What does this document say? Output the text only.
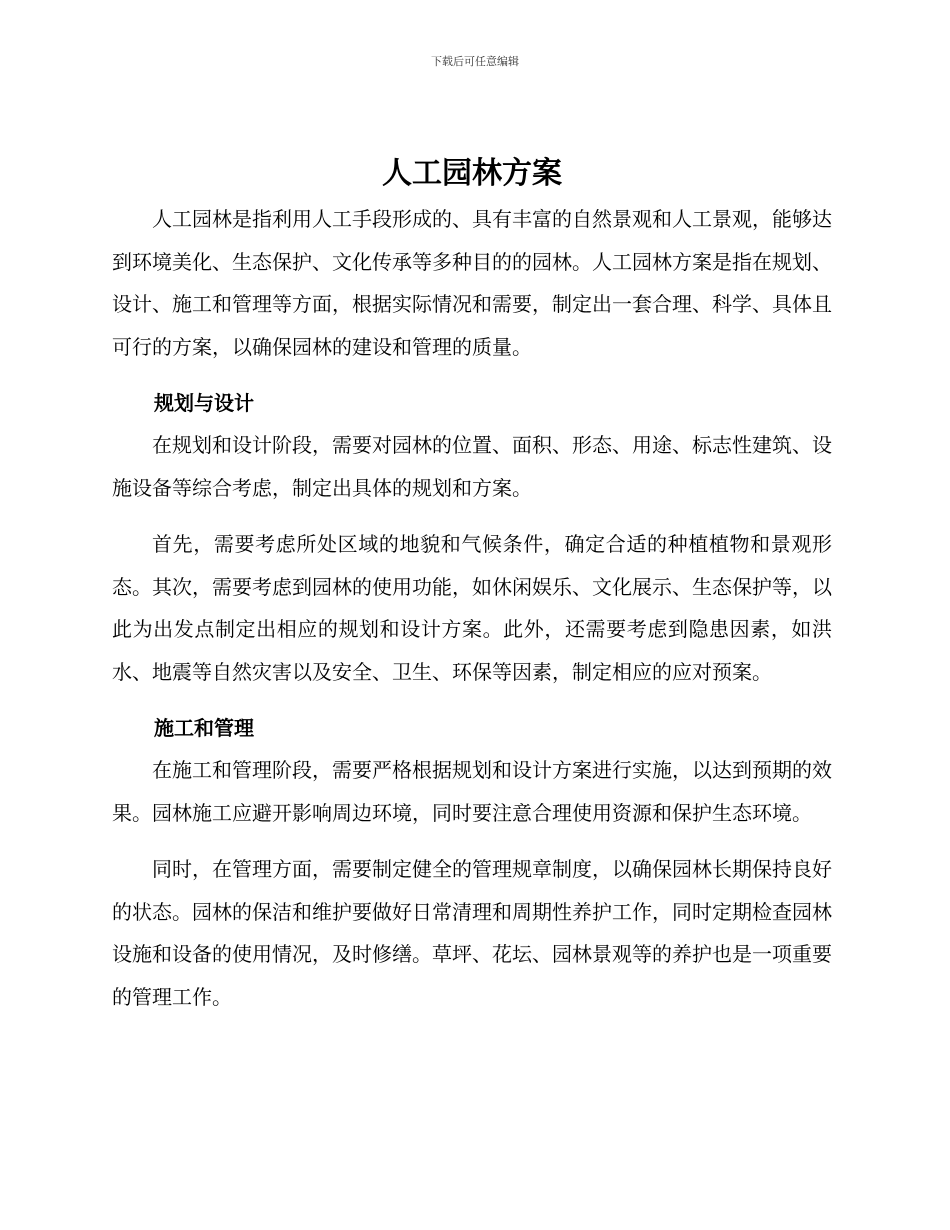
下载后可任意编辑
人工园林方案

人工园林是指利用人工手段形成的、具有丰富的自然景观和人工景观，能够达到环境美化、生态保护、文化传承等多种目的的园林。人工园林方案是指在规划、设计、施工和管理等方面，根据实际情况和需要，制定出一套合理、科学、具体且可行的方案，以确保园林的建设和管理的质量。

规划与设计

在规划和设计阶段，需要对园林的位置、面积、形态、用途、标志性建筑、设施设备等综合考虑，制定出具体的规划和方案。

首先，需要考虑所处区域的地貌和气候条件，确定合适的种植植物和景观形态。其次，需要考虑到园林的使用功能，如休闲娱乐、文化展示、生态保护等，以此为出发点制定出相应的规划和设计方案。此外，还需要考虑到隐患因素，如洪水、地震等自然灾害以及安全、卫生、环保等因素，制定相应的应对预案。

施工和管理

在施工和管理阶段，需要严格根据规划和设计方案进行实施，以达到预期的效果。园林施工应避开影响周边环境，同时要注意合理使用资源和保护生态环境。

同时，在管理方面，需要制定健全的管理规章制度，以确保园林长期保持良好的状态。园林的保洁和维护要做好日常清理和周期性养护工作，同时定期检查园林设施和设备的使用情况，及时修缮。草坪、花坛、园林景观等的养护也是一项重要的管理工作。
